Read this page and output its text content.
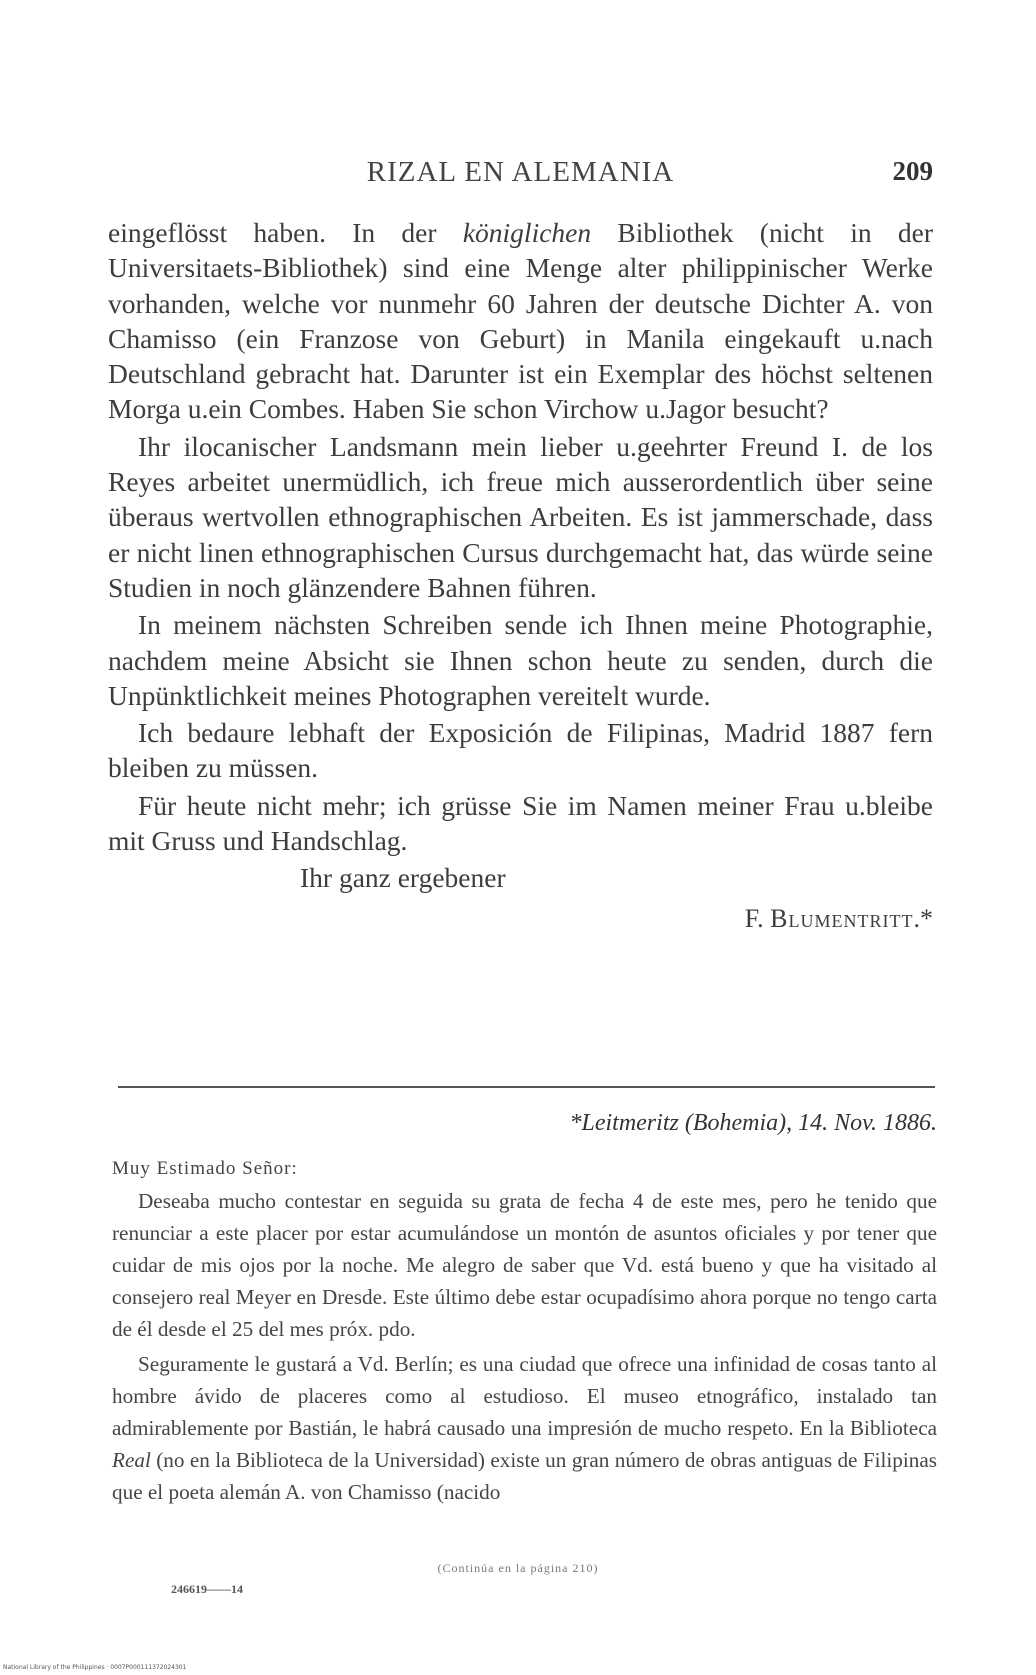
RIZAL EN ALEMANIA	209

eingeflösst haben. In der königlichen Bibliothek (nicht in der Universitaets-Bibliothek) sind eine Menge alter philippinischer Werke vorhanden, welche vor nunmehr 60 Jahren der deutsche Dichter A. von Chamisso (ein Franzose von Geburt) in Manila eingekauft u.nach Deutschland gebracht hat. Darunter ist ein Exemplar des höchst seltenen Morga u.ein Combes. Haben Sie schon Virchow u.Jagor besucht?

Ihr ilocanischer Landsmann mein lieber u.geehrter Freund I. de los Reyes arbeitet unermüdlich, ich freue mich ausserordentlich über seine überaus wertvollen ethnographischen Arbeiten. Es ist jammerschade, dass er nicht linen ethnographischen Cursus durchgemacht hat, das würde seine Studien in noch glänzendere Bahnen führen.

In meinem nächsten Schreiben sende ich Ihnen meine Photographie, nachdem meine Absicht sie Ihnen schon heute zu senden, durch die Unpünktlichkeit meines Photographen vereitelt wurde.

Ich bedaure lebhaft der Exposición de Filipinas, Madrid 1887 fern bleiben zu müssen.

Für heute nicht mehr; ich grüsse Sie im Namen meiner Frau u.bleibe mit Gruss und Handschlag.

Ihr ganz ergebener
F. Blumentritt.*
*Leitmeritz (Bohemia), 14. Nov. 1886.
Muy Estimado Señor:

Deseaba mucho contestar en seguida su grata de fecha 4 de este mes, pero he tenido que renunciar a este placer por estar acumulándose un montón de asuntos oficiales y por tener que cuidar de mis ojos por la noche. Me alegro de saber que Vd. está bueno y que ha visitado al consejero real Meyer en Dresde. Este último debe estar ocupadísimo ahora porque no tengo carta de él desde el 25 del mes próx. pdo.

Seguramente le gustará a Vd. Berlín; es una ciudad que ofrece una infinidad de cosas tanto al hombre ávido de placeres como al estudioso. El museo etnográfico, instalado tan admirablemente por Bastián, le habrá causado una impresión de mucho respeto. En la Biblioteca Real (no en la Biblioteca de la Universidad) existe un gran número de obras antiguas de Filipinas que el poeta alemán A. von Chamisso (nacido

(Continúa en la página 210)
246619——14
National Library of the Philippines · 0007P000111372024301
